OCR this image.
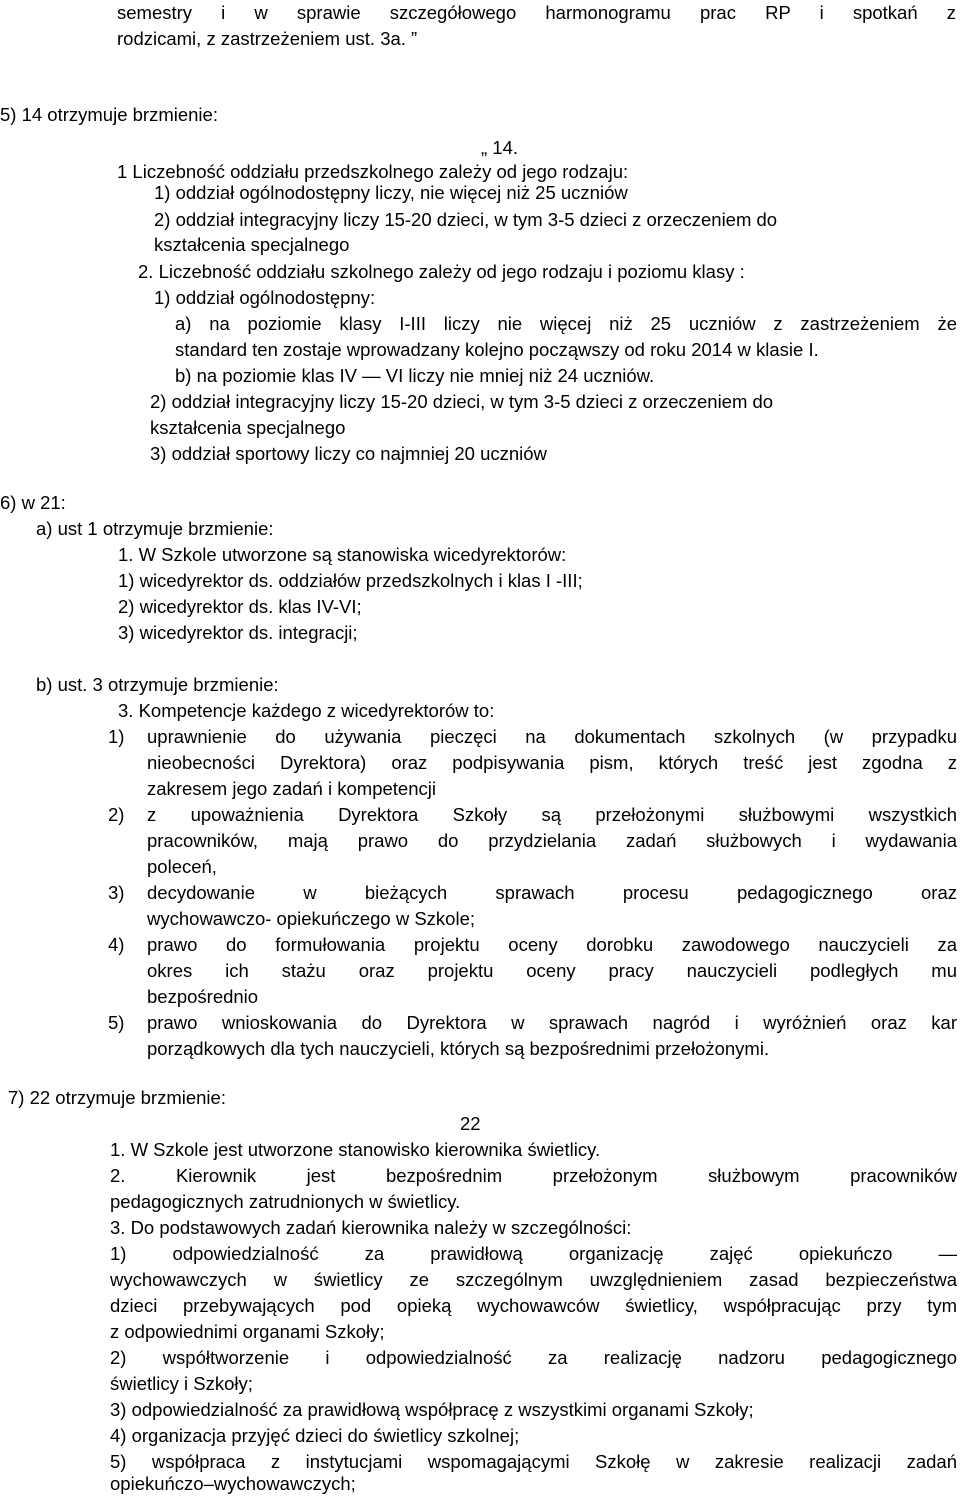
semestry i w sprawie szczegółowego harmonogramu prac RP i spotkań z
rodzicami, z zastrzeżeniem ust. 3a. ”
5) 14 otrzymuje brzmienie:
„ 14.
1 Liczebność oddziału przedszkolnego zależy od jego rodzaju:
1) oddział ogólnodostępny liczy, nie więcej niż 25 uczniów
2) oddział integracyjny liczy 15-20 dzieci, w tym 3-5 dzieci z orzeczeniem do
kształcenia specjalnego
2. Liczebność oddziału szkolnego zależy od jego rodzaju i poziomu klasy :
1) oddział ogólnodostępny:
a) na poziomie klasy I-III liczy nie więcej niż 25 uczniów z zastrzeżeniem że
standard ten zostaje wprowadzany kolejno począwszy od roku 2014 w klasie I.
b) na poziomie klas IV — VI liczy nie mniej niż 24 uczniów.
2) oddział integracyjny liczy 15-20 dzieci, w tym 3-5 dzieci z orzeczeniem do
kształcenia specjalnego
3) oddział sportowy liczy co najmniej 20 uczniów
6) w 21:
a) ust 1 otrzymuje brzmienie:
1. W Szkole utworzone są stanowiska wicedyrektorów:
1) wicedyrektor ds. oddziałów przedszkolnych i klas I -III;
2) wicedyrektor ds. klas IV-VI;
3) wicedyrektor ds. integracji;
b) ust. 3 otrzymuje brzmienie:
3. Kompetencje każdego z wicedyrektorów to:
1) uprawnienie do używania pieczęci na dokumentach szkolnych (w przypadku
nieobecności Dyrektora) oraz podpisywania pism, których treść jest zgodna z
zakresem jego zadań i kompetencji
2) z upoważnienia Dyrektora Szkoły są przełożonymi służbowymi wszystkich
pracowników, mają prawo do przydzielania zadań służbowych i wydawania
poleceń,
3) decydowanie w bieżących sprawach procesu pedagogicznego oraz
wychowawczo- opiekuńczego w Szkole;
4) prawo do formułowania projektu oceny dorobku zawodowego nauczycieli za
okres ich stażu oraz projektu oceny pracy nauczycieli podległych mu
bezpośrednio
5) prawo wnioskowania do Dyrektora w sprawach nagród i wyróżnień oraz kar
porządkowych dla tych nauczycieli, których są bezpośrednimi przełożonymi.
7) 22 otrzymuje brzmienie:
22
1. W Szkole jest utworzone stanowisko kierownika świetlicy.
2. Kierownik jest bezpośrednim przełożonym służbowym pracowników
pedagogicznych zatrudnionych w świetlicy.
3. Do podstawowych zadań kierownika należy w szczególności:
1) odpowiedzialność za prawidłową organizację zajęć opiekuńczo —
wychowawczych w świetlicy ze szczególnym uwzględnieniem zasad bezpieczeństwa
dzieci przebywających pod opieką wychowawców świetlicy, współpracując przy tym
z odpowiednimi organami Szkoły;
2) współtworzenie i odpowiedzialność za realizację nadzoru pedagogicznego
świetlicy i Szkoły;
3) odpowiedzialność za prawidłową współpracę z wszystkimi organami Szkoły;
4) organizacja przyjęć dzieci do świetlicy szkolnej;
5) współpraca z instytucjami wspomagającymi Szkołę w zakresie realizacji zadań
opiekuńczo–wychowawczych;
